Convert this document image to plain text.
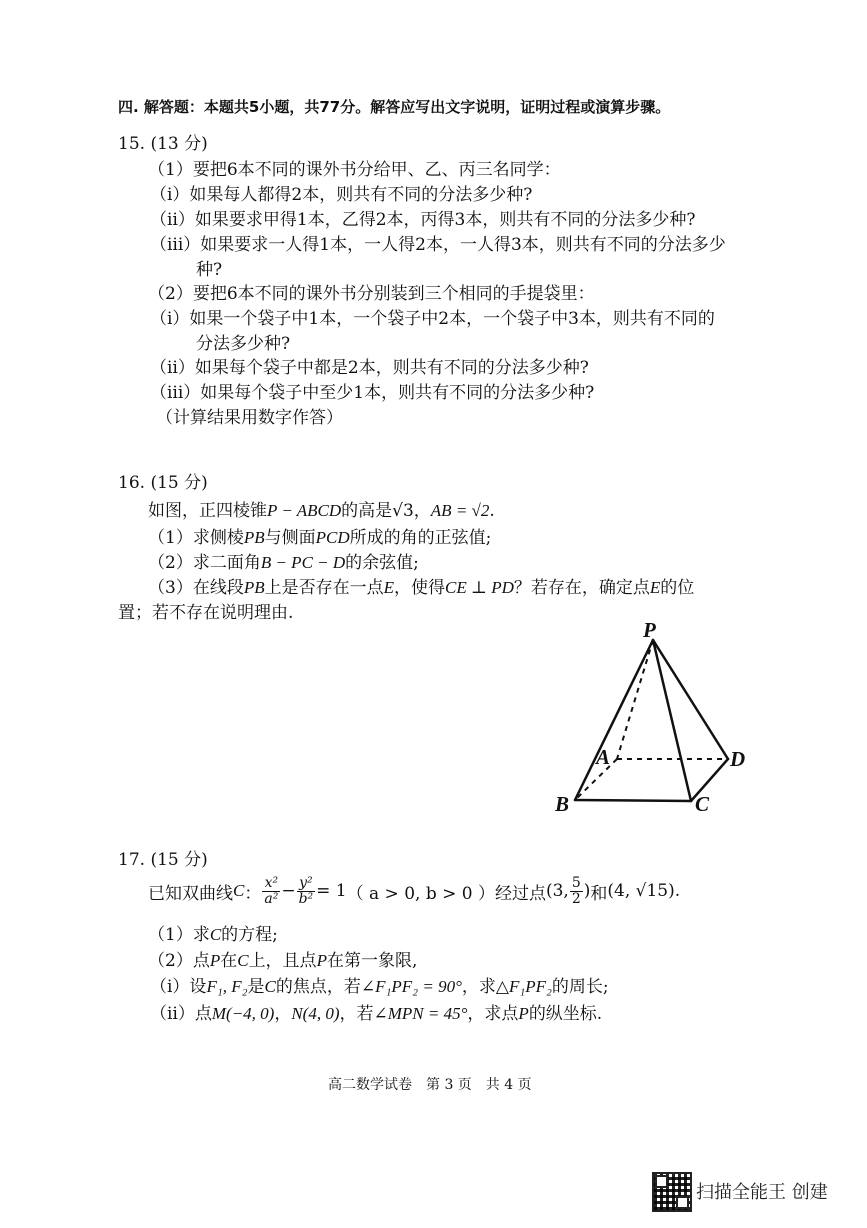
四. 解答题：本题共5小题，共77分。解答应写出文字说明，证明过程或演算步骤。
15. (13 分)
（1）要把6本不同的课外书分给甲、乙、丙三名同学：
（ⅰ）如果每人都得2本，则共有不同的分法多少种?
（ⅱ）如果要求甲得1本，乙得2本，丙得3本，则共有不同的分法多少种?
（ⅲ）如果要求一人得1本，一人得2本，一人得3本，则共有不同的分法多少
种?
（2）要把6本不同的课外书分别装到三个相同的手提袋里：
（ⅰ）如果一个袋子中1本，一个袋子中2本，一个袋子中3本，则共有不同的
分法多少种?
（ⅱ）如果每个袋子中都是2本，则共有不同的分法多少种?
（ⅲ）如果每个袋子中至少1本，则共有不同的分法多少种?
（计算结果用数字作答）
16. (15 分)
如图，正四棱锥P − ABCD的高是√3，AB = √2.
（1）求侧棱PB与侧面PCD所成的角的正弦值;
（2）求二面角B − PC − D的余弦值;
（3）在线段PB上是否存在一点E，使得CE ⊥ PD？若存在，确定点E的位
置；若不存在说明理由.
P
A	D
B	C
17. (15 分)
已知双曲线 C ： $\frac{\text{x²}}{\text{a²}} - \frac{\text{y²}}{\text{b²}} = 1$ （ a > 0, b > 0 ）经过点 (3, $\frac{5}{2}$ ) 和 (4, √15) .
（1）求C的方程;
（2）点P在C上，且点P在第一象限,
（ⅰ）设F₁, F₂是C的焦点，若∠F₁PF₂ = 90°，求△F₁PF₂的周长;
（ⅱ）点M(−4, 0)，N(4, 0)，若∠MPN = 45°，求点P的纵坐标.
高二数学试卷　第 3 页　共 4 页
扫描全能王 创建
